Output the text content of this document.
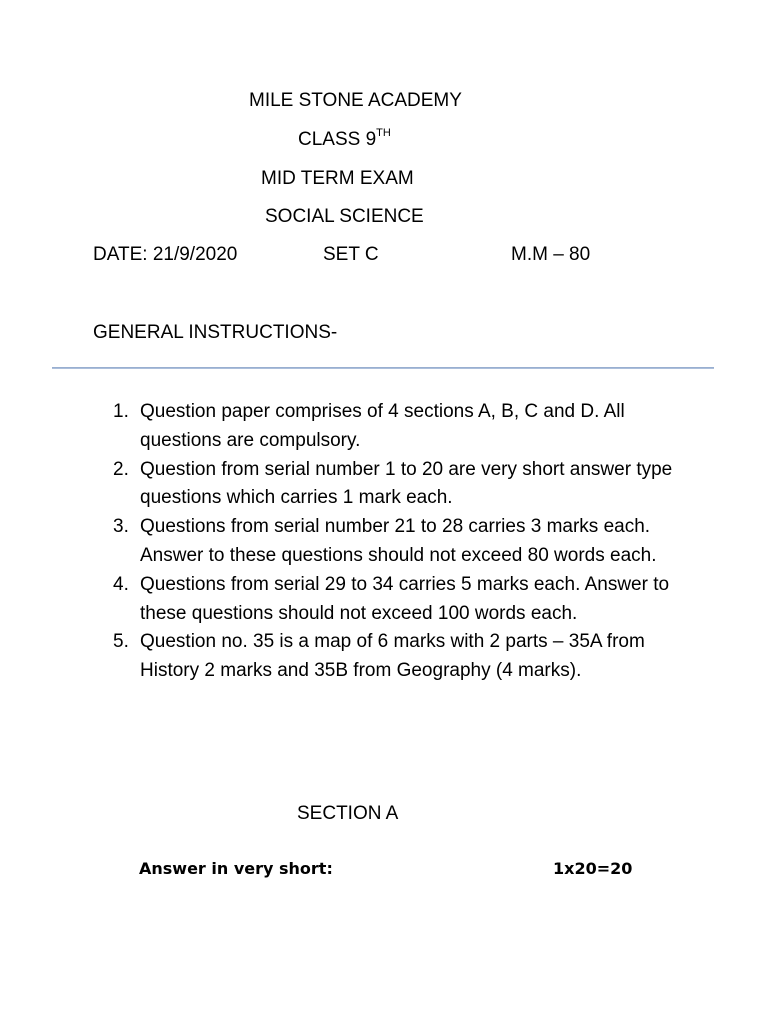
MILE STONE ACADEMY
CLASS 9TH
MID TERM EXAM
SOCIAL SCIENCE
DATE: 21/9/2020	SET C	M.M – 80
GENERAL INSTRUCTIONS-
1. Question paper comprises of 4 sections A, B, C and D. All questions are compulsory.
2. Question from serial number 1 to 20 are very short answer type questions which carries 1 mark each.
3. Questions from serial number 21 to 28 carries 3 marks each. Answer to these questions should not exceed 80 words each.
4. Questions from serial 29 to 34 carries 5 marks each. Answer to these questions should not exceed 100 words each.
5. Question no. 35 is a map of 6 marks with 2 parts – 35A from History 2 marks and 35B from Geography (4 marks).
SECTION A
Answer in very short:	1x20=20
